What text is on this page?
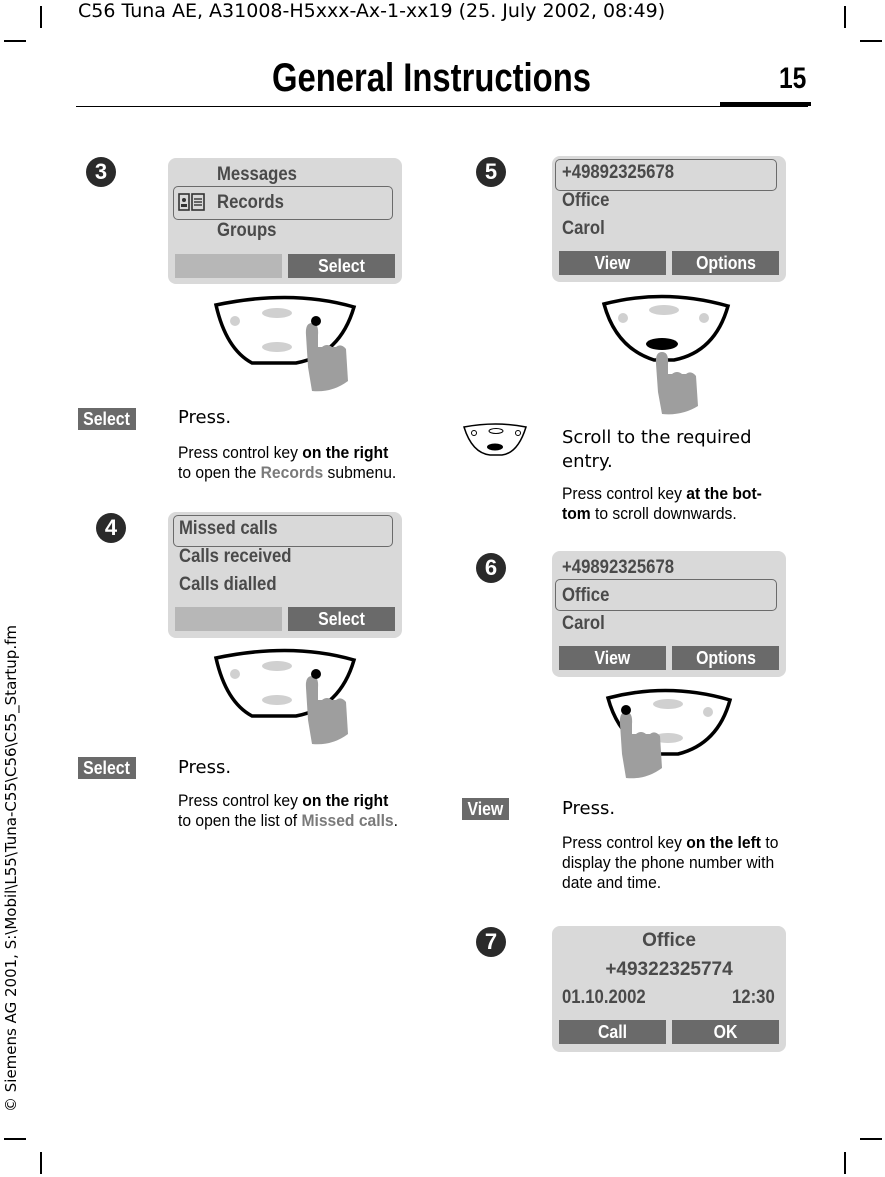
C56 Tuna AE, A31008-H5xxx-Ax-1-xx19 (25. July 2002, 08:49)
General Instructions	15
© Siemens AG 2001, S:\Mobil\L55\Tuna-C55\C56\C55_Startup.fm
3	Messages
Records
Groups
Select
Select	Press.
Press control key on the right
to open the Records submenu.
4	Missed calls
Calls received
Calls dialled
Select
Select	Press.
Press control key on the right
to open the list of Missed calls.
5	+49892325678
Office
Carol
View	Options
Scroll to the required entry.
Press control key at the bot-
tom to scroll downwards.
6	+49892325678
Office
Carol
View	Options
View	Press.
Press control key on the left to
display the phone number with
date and time.
7	Office
+49322325774
01.10.2002	12:30
Call	OK
